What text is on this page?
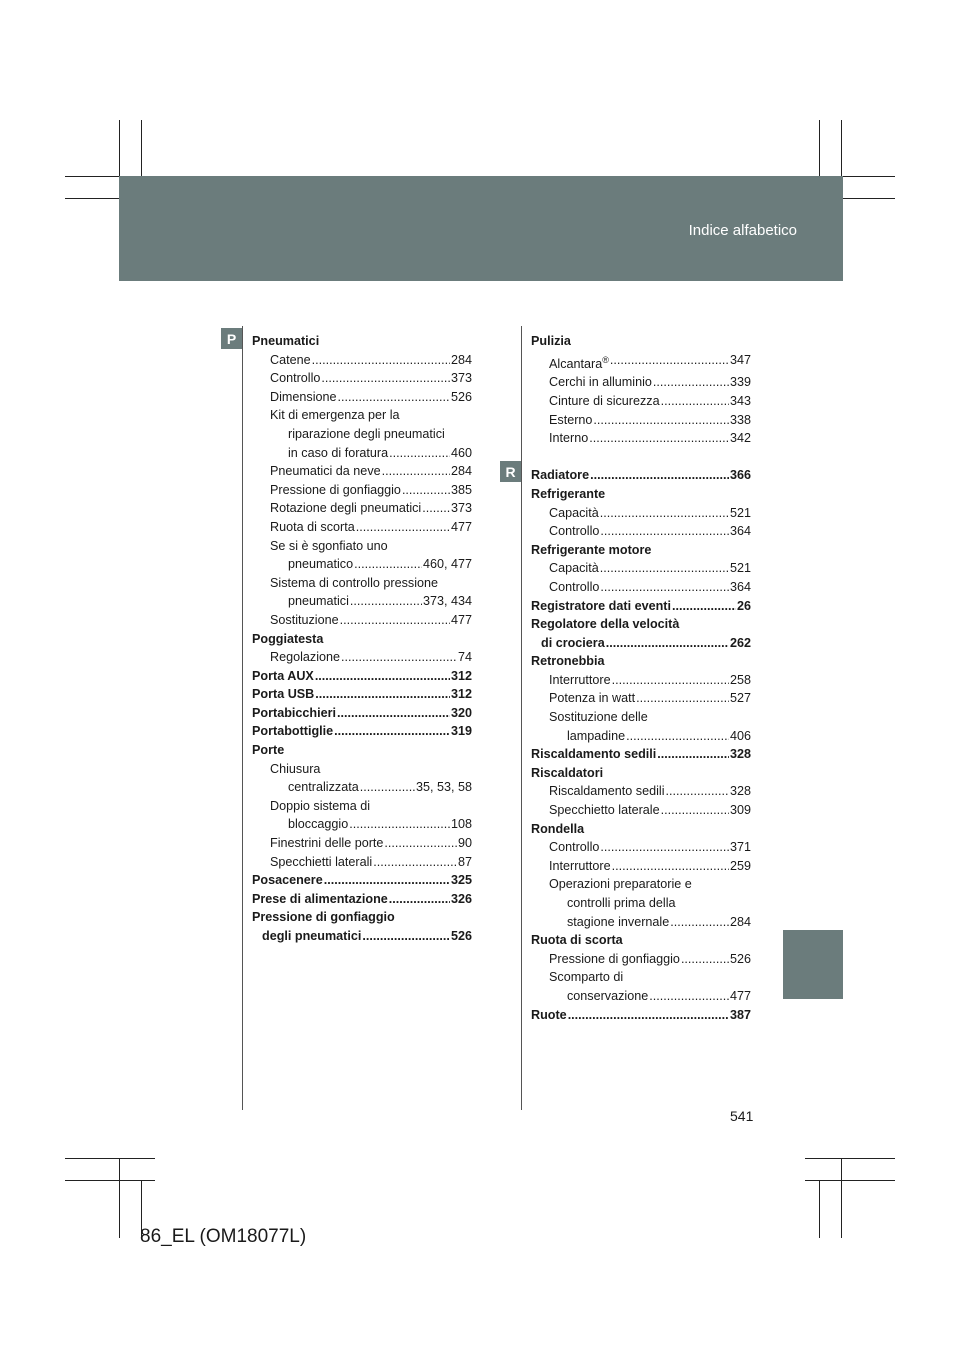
Indice alfabetico
P
R
Pneumatici
Catene .....	284
Controllo .....	373
Dimensione .....	526
Kit di emergenza per la
riparazione degli pneumatici
in caso di foratura .....	460
Pneumatici da neve .....	284
Pressione di gonfiaggio .....	385
Rotazione degli pneumatici ..... 373
Ruota di scorta .....	477
Se si è sgonfiato uno
pneumatico .....	460, 477
Sistema di controllo pressione
pneumatici .....	373, 434
Sostituzione .....	477
Poggiatesta
Regolazione .....	74
Porta AUX .....	312
Porta USB .....	312
Portabicchieri .....	320
Portabottiglie .....	319
Porte
Chiusura
centralizzata .....	35, 53, 58
Doppio sistema di
bloccaggio .....	108
Finestrini delle porte .....	90
Specchietti laterali .....	87
Posacenere .....	325
Prese di alimentazione .....	326
Pressione di gonfiaggio
degli pneumatici .....	526
Pulizia
Alcantara® .....	347
Cerchi in alluminio .....	339
Cinture di sicurezza .....	343
Esterno .....	338
Interno .....	342
Radiatore .....	366
Refrigerante
Capacità .....	521
Controllo .....	364
Refrigerante motore
Capacità .....	521
Controllo .....	364
Registratore dati eventi .....	26
Regolatore della velocità
di crociera .....	262
Retronebbia
Interruttore .....	258
Potenza in watt .....	527
Sostituzione delle
lampadine .....	406
Riscaldamento sedili .....	328
Riscaldatori
Riscaldamento sedili .....	328
Specchietto laterale .....	309
Rondella
Controllo .....	371
Interruttore .....	259
Operazioni preparatorie e
controlli prima della
stagione invernale .....	284
Ruota di scorta
Pressione di gonfiaggio .....	526
Scomparto di
conservazione .....	477
Ruote .....	387
541
86_EL (OM18077L)
